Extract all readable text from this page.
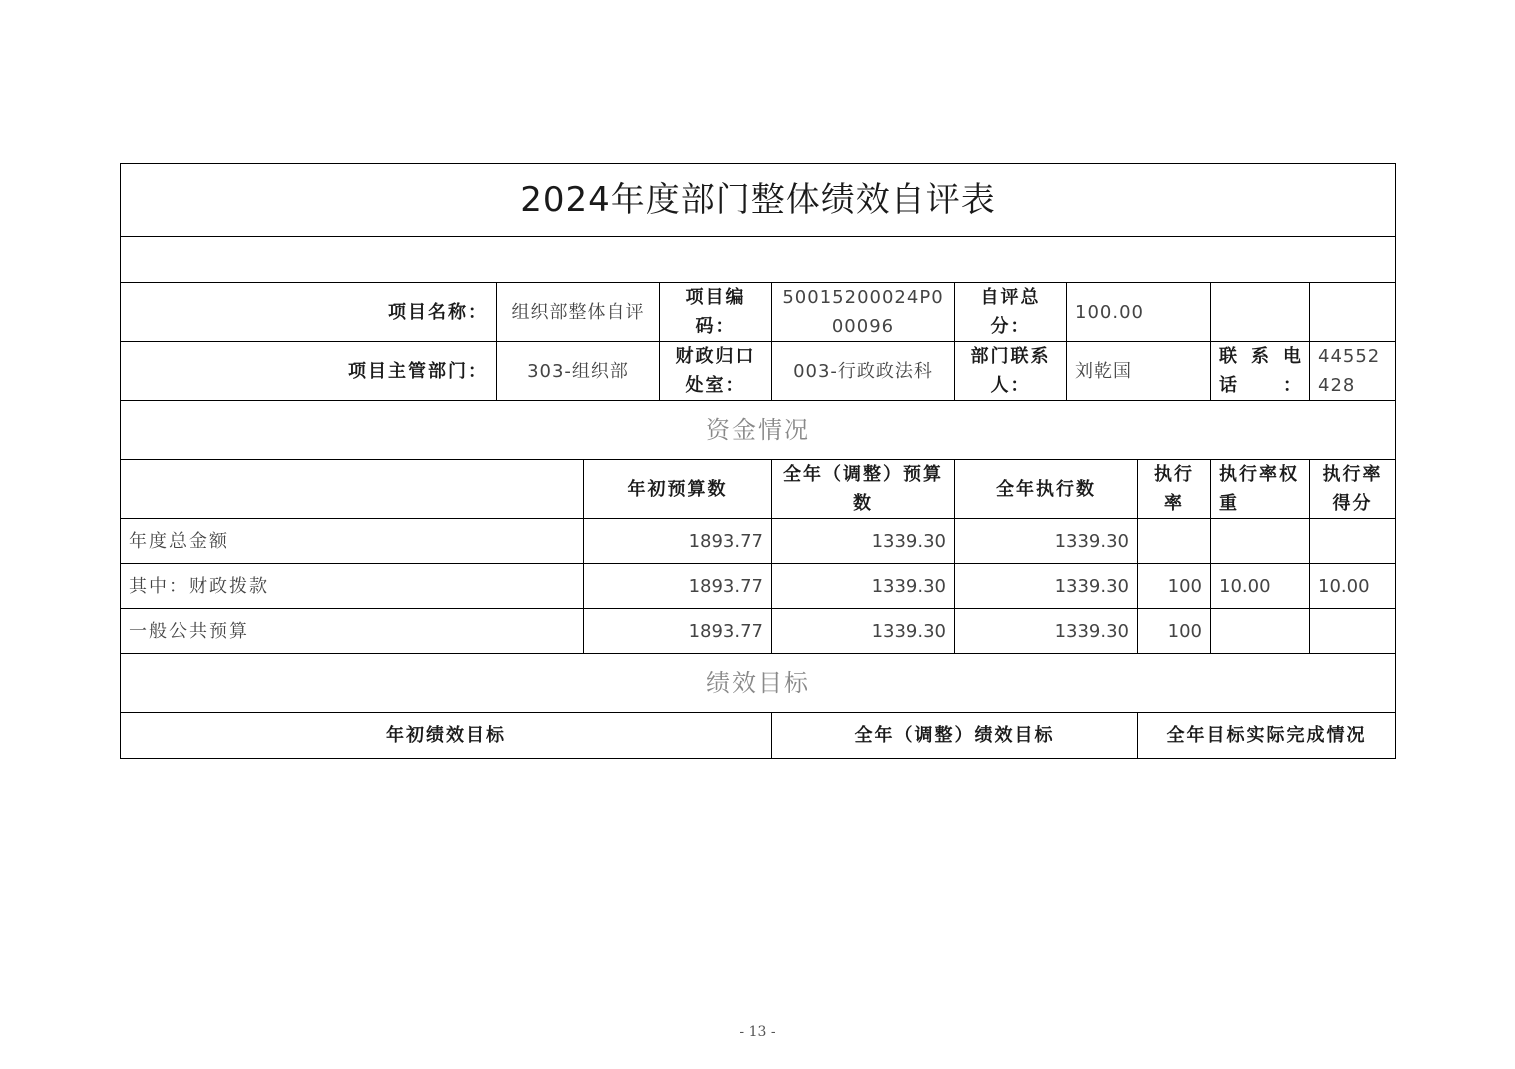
2024年度部门整体绩效自评表									

项目名称：	组织部整体自评		项目编码：	50015200024P000096	自评总分：	100.00			
项目主管部门：	303-组织部		财政归口处室：	003-行政政法科	部门联系人：	刘乾国		联系电话：	44552428
资金情况									
		年初预算数		全年（调整）预算数	全年执行数		执行率	执行率权重	执行率得分
年度总金额		1893.77		1339.30	1339.30				
其中：财政拨款		1893.77		1339.30	1339.30		100	10.00	10.00
一般公共预算		1893.77		1339.30	1339.30		100		
绩效目标									
年初绩效目标				全年（调整）绩效目标			全年目标实际完成情况		
- 13 -
